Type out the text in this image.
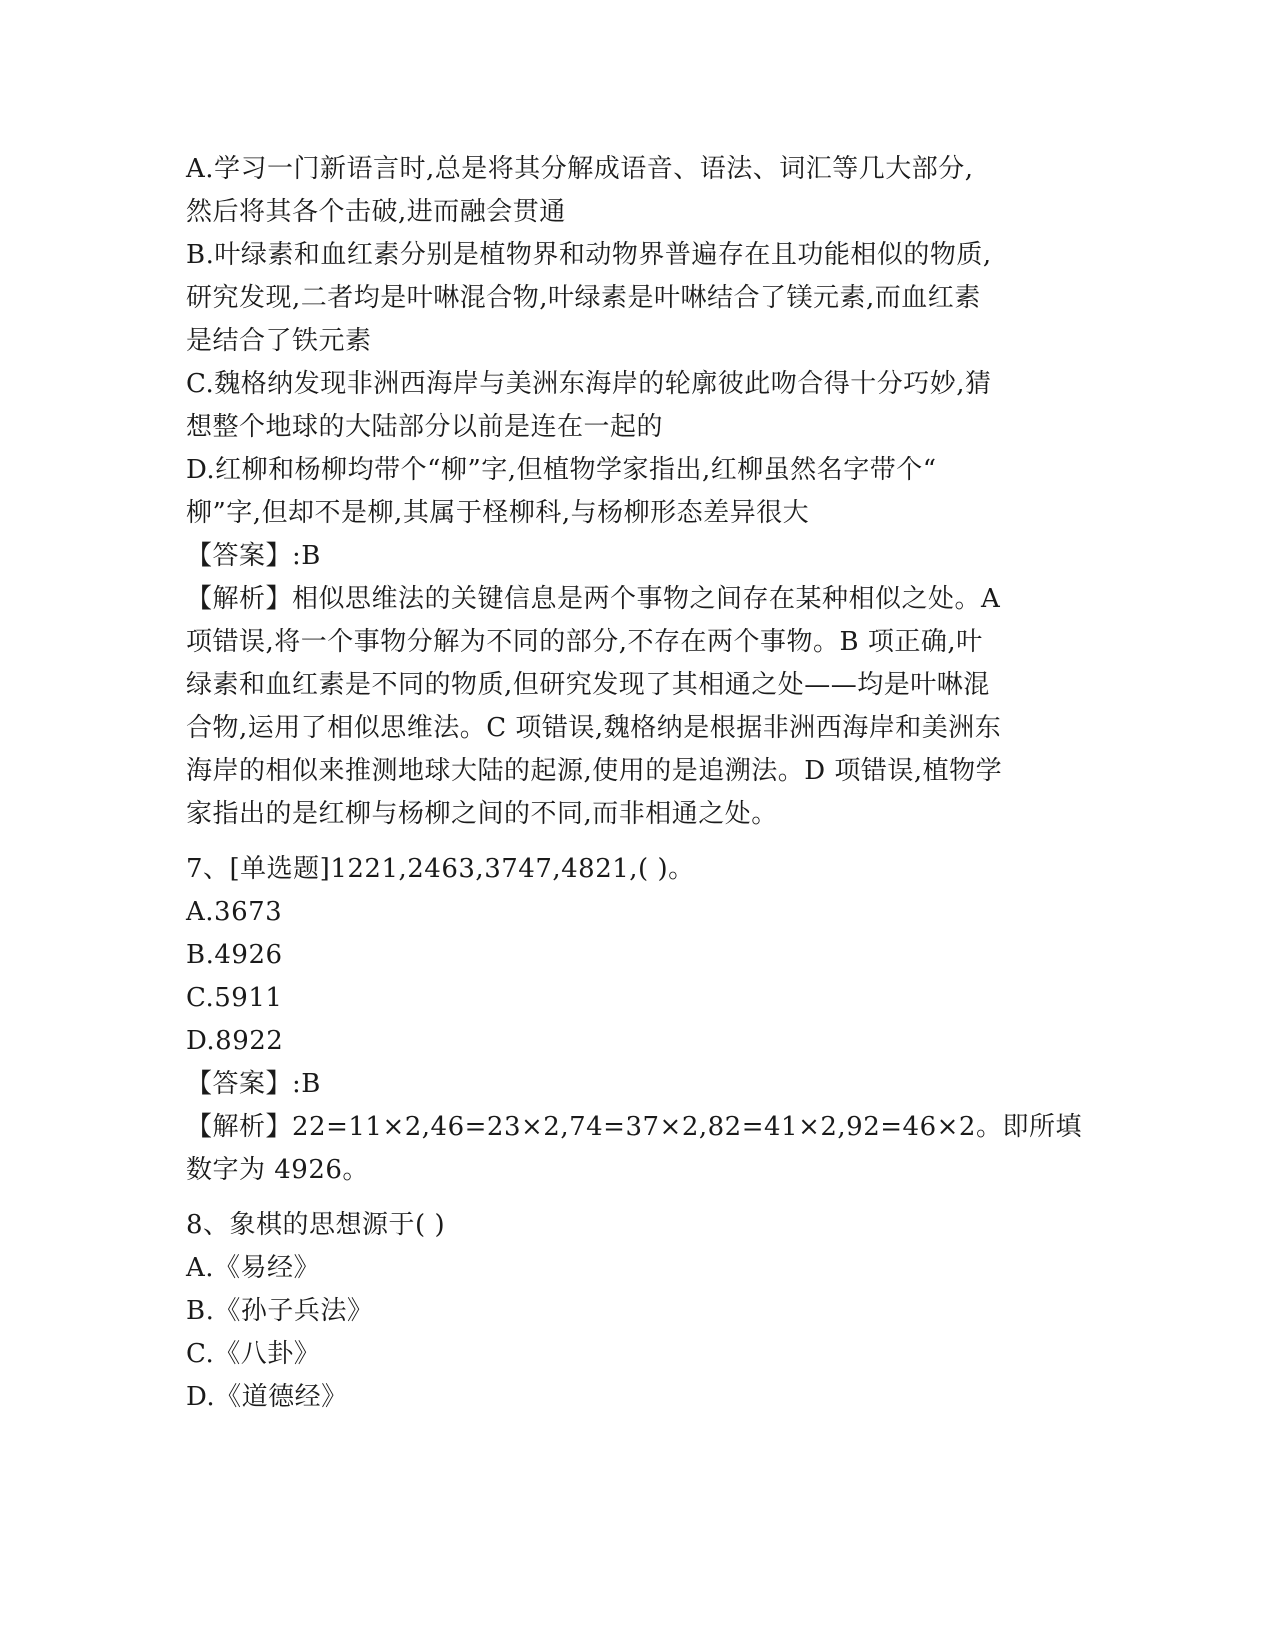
A.学习一门新语言时,总是将其分解成语音、语法、词汇等几大部分,
然后将其各个击破,进而融会贯通
B.叶绿素和血红素分别是植物界和动物界普遍存在且功能相似的物质,
研究发现,二者均是叶啉混合物,叶绿素是叶啉结合了镁元素,而血红素
是结合了铁元素
C.魏格纳发现非洲西海岸与美洲东海岸的轮廓彼此吻合得十分巧妙,猜
想整个地球的大陆部分以前是连在一起的
D.红柳和杨柳均带个“柳”字,但植物学家指出,红柳虽然名字带个“
柳”字,但却不是柳,其属于柽柳科,与杨柳形态差异很大
【答案】:B
【解析】相似思维法的关键信息是两个事物之间存在某种相似之处。A
项错误,将一个事物分解为不同的部分,不存在两个事物。B 项正确,叶
绿素和血红素是不同的物质,但研究发现了其相通之处——均是叶啉混
合物,运用了相似思维法。C 项错误,魏格纳是根据非洲西海岸和美洲东
海岸的相似来推测地球大陆的起源,使用的是追溯法。D 项错误,植物学
家指出的是红柳与杨柳之间的不同,而非相通之处。
7、[单选题]1221,2463,3747,4821,( )。
A.3673
B.4926
C.5911
D.8922
【答案】:B
【解析】22=11×2,46=23×2,74=37×2,82=41×2,92=46×2。即所填
数字为 4926。
8、象棋的思想源于( )
A.《易经》
B.《孙子兵法》
C.《八卦》
D.《道德经》
